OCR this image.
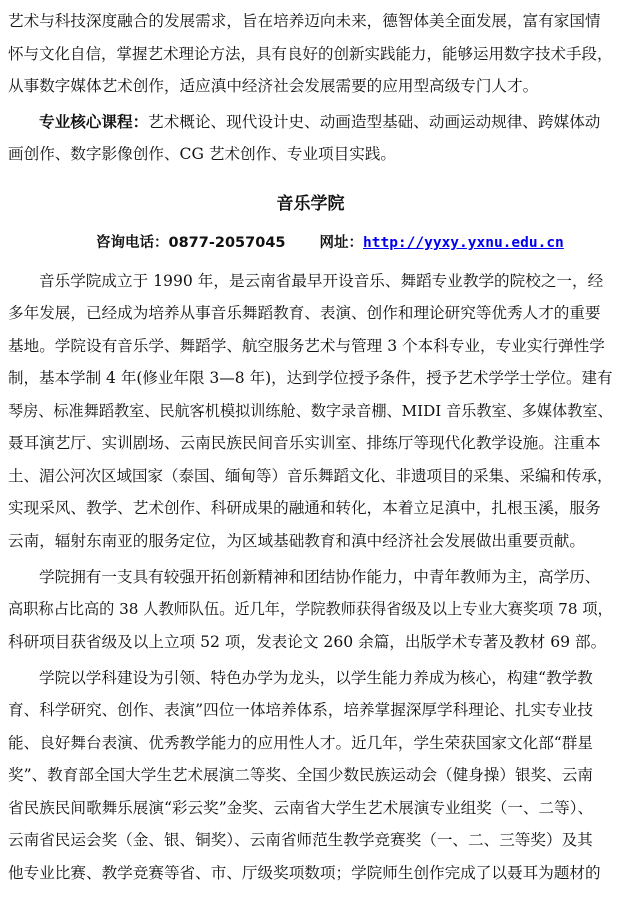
艺术与科技深度融合的发展需求，旨在培养迈向未来，德智体美全面发展，富有家国情
怀与文化自信，掌握艺术理论方法，具有良好的创新实践能力，能够运用数字技术手段，
从事数字媒体艺术创作，适应滇中经济社会发展需要的应用型高级专门人才。
专业核心课程：艺术概论、现代设计史、动画造型基础、动画运动规律、跨媒体动
画创作、数字影像创作、CG 艺术创作、专业项目实践。
音乐学院
咨询电话：0877-2057045 网址：http://yyxy.yxnu.edu.cn
音乐学院成立于 1990 年，是云南省最早开设音乐、舞蹈专业教学的院校之一，经
多年发展，已经成为培养从事音乐舞蹈教育、表演、创作和理论研究等优秀人才的重要
基地。学院设有音乐学、舞蹈学、航空服务艺术与管理 3 个本科专业，专业实行弹性学
制，基本学制 4 年(修业年限 3—8 年)，达到学位授予条件，授予艺术学学士学位。建有
琴房、标准舞蹈教室、民航客机模拟训练舱、数字录音棚、MIDI 音乐教室、多媒体教室、
聂耳演艺厅、实训剧场、云南民族民间音乐实训室、排练厅等现代化教学设施。注重本
土、湄公河次区域国家（泰国、缅甸等）音乐舞蹈文化、非遗项目的采集、采编和传承，
实现采风、教学、艺术创作、科研成果的融通和转化，本着立足滇中，扎根玉溪，服务
云南，辐射东南亚的服务定位，为区域基础教育和滇中经济社会发展做出重要贡献。
学院拥有一支具有较强开拓创新精神和团结协作能力，中青年教师为主，高学历、
高职称占比高的 38 人教师队伍。近几年，学院教师获得省级及以上专业大赛奖项 78 项，
科研项目获省级及以上立项 52 项，发表论文 260 余篇，出版学术专著及教材 69 部。
学院以学科建设为引领、特色办学为龙头，以学生能力养成为核心，构建“教学教
育、科学研究、创作、表演”四位一体培养体系，培养掌握深厚学科理论、扎实专业技
能、良好舞台表演、优秀教学能力的应用性人才。近几年，学生荣获国家文化部“群星
奖”、教育部全国大学生艺术展演二等奖、全国少数民族运动会（健身操）银奖、云南
省民族民间歌舞乐展演“彩云奖”金奖、云南省大学生艺术展演专业组奖（一、二等）、
云南省民运会奖（金、银、铜奖）、云南省师范生教学竞赛奖（一、二、三等奖）及其
他专业比赛、教学竞赛等省、市、厅级奖项数项；学院师生创作完成了以聂耳为题材的
